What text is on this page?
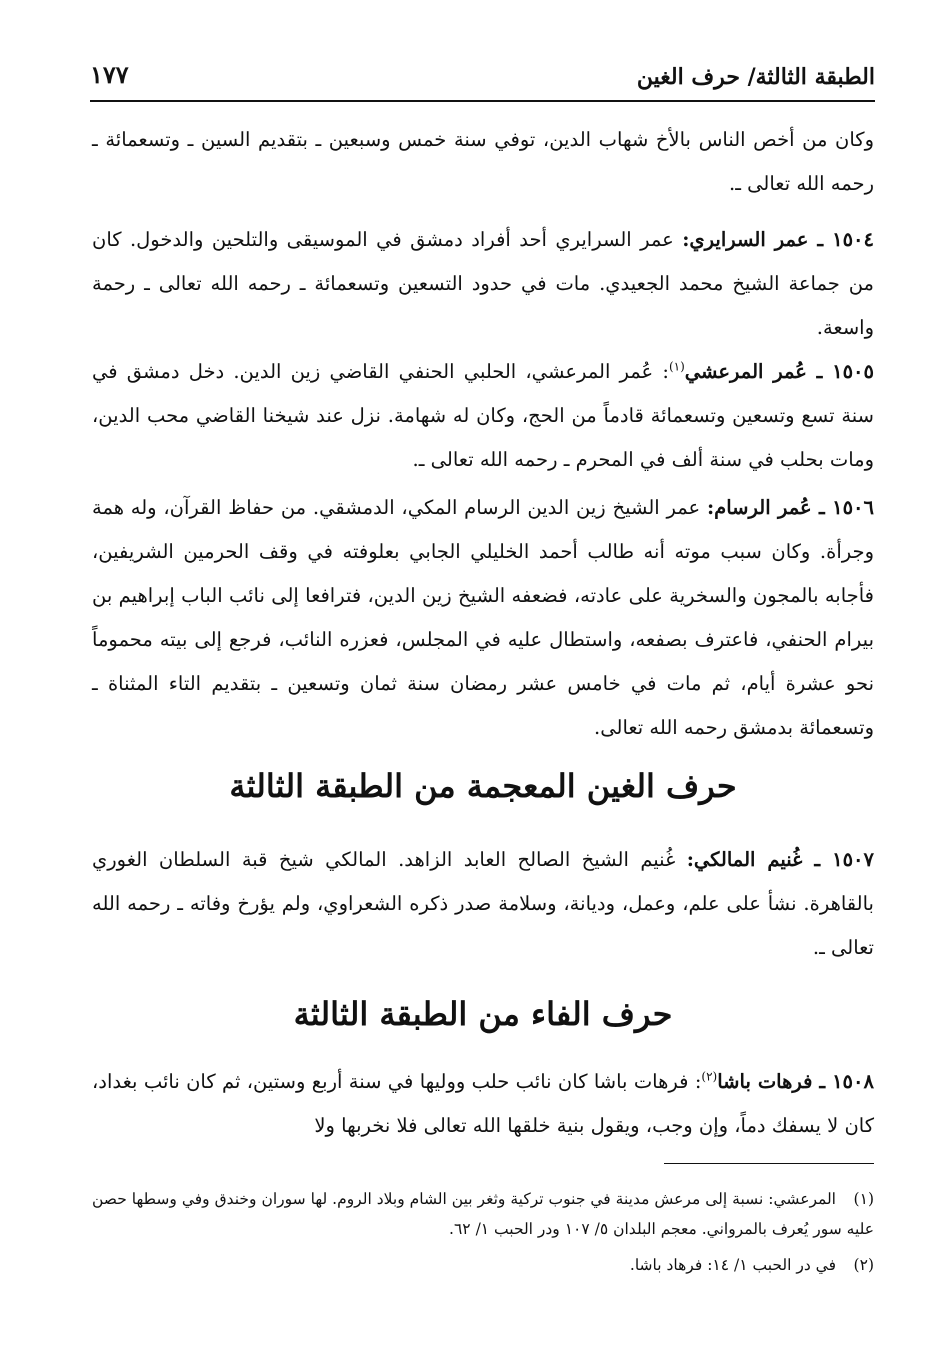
الطبقة الثالثة/ حرف الغين
١٧٧
وكان من أخص الناس بالأخ شهاب الدين، توفي سنة خمس وسبعين ـ بتقديم السين ـ وتسعمائة ـ رحمه الله تعالى ـ.
١٥٠٤ ـ عمر السرايري: عمر السرايري أحد أفراد دمشق في الموسيقى والتلحين والدخول. كان من جماعة الشيخ محمد الجعيدي. مات في حدود التسعين وتسعمائة ـ رحمه الله تعالى ـ رحمة واسعة.
١٥٠٥ ـ عُمر المرعشي$^{(١)}$: عُمر المرعشي، الحلبي الحنفي القاضي زين الدين. دخل دمشق في سنة تسع وتسعين وتسعمائة قادماً من الحج، وكان له شهامة. نزل عند شيخنا القاضي محب الدين، ومات بحلب في سنة ألف في المحرم ـ رحمه الله تعالى ـ.
١٥٠٦ ـ عُمر الرسام: عمر الشيخ زين الدين الرسام المكي، الدمشقي. من حفاظ القرآن، وله همة وجرأة. وكان سبب موته أنه طالب أحمد الخليلي الجابي بعلوفته في وقف الحرمين الشريفين، فأجابه بالمجون والسخرية على عادته، فضعفه الشيخ زين الدين، فترافعا إلى نائب الباب إبراهيم بن بيرام الحنفي، فاعترف بصفعه، واستطال عليه في المجلس، فعزره النائب، فرجع إلى بيته محموماً نحو عشرة أيام، ثم مات في خامس عشر رمضان سنة ثمان وتسعين ـ بتقديم التاء المثناة ـ وتسعمائة بدمشق رحمه الله تعالى.
حرف الغين المعجمة من الطبقة الثالثة
١٥٠٧ ـ غُنيم المالكي: غُنيم الشيخ الصالح العابد الزاهد. المالكي شيخ قبة السلطان الغوري بالقاهرة. نشأ على علم، وعمل، وديانة، وسلامة صدر ذكره الشعراوي، ولم يؤرخ وفاته ـ رحمه الله تعالى ـ.
حرف الفاء من الطبقة الثالثة
١٥٠٨ ـ فرهات باشا$^{(٢)}$: فرهات باشا كان نائب حلب ووليها في سنة أربع وستين، ثم كان نائب بغداد، كان لا يسفك دماً، وإن وجب، ويقول بنية خلقها الله تعالى فلا نخربها ولا
(١)المرعشي: نسبة إلى مرعش مدينة في جنوب تركية وثغر بين الشام وبلاد الروم. لها سوران وخندق وفي وسطها حصن عليه سور يُعرف بالمرواني. معجم البلدان ٥/ ١٠٧ ودر الحبب ١/ ٦٢.
(٢)في در الحبب ١/ ١٤: فرهاد باشا.
